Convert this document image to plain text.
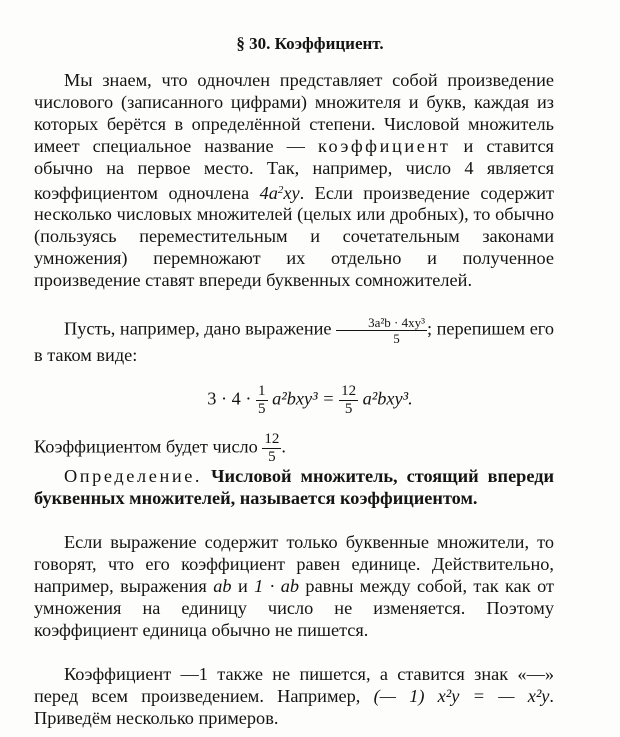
§ 30. Коэффициент.

Мы знаем, что одночлен представляет собой произведение числового (записанного цифрами) множителя и букв, каждая из которых берётся в определённой степени. Числовой множитель имеет специальное название — коэффициент и ставится обычно на первое место. Так, например, число 4 является коэффициентом одночлена $4a^2xy$. Если произведение содержит несколько числовых множителей (целых или дробных), то обычно (пользуясь переместительным и сочетательным законами умножения) перемножают их отдельно и полученное произведение ставят впереди буквенных сомножителей.

Пусть, например, дано выражение $\frac{\text{3a²b · 4xy³}}{5}$ ; перепишем его в таком виде:

$3 \cdot 4 \cdot \frac{1}{5} a^2bxy^3 = \frac{12}{5} a^2bxy^3$.

Коэффициентом будет число $\frac{12}{5}$ .

Определение. Числовой множитель, стоящий впереди буквенных множителей, называется коэффициентом.

Если выражение содержит только буквенные множители, то говорят, что его коэффициент равен единице. Действительно, например, выражения ab и 1 · ab равны между собой, так как от умножения на единицу число не изменяется. Поэтому коэффициент единица обычно не пишется.

Коэффициент —1 также не пишется, а ставится знак «—» перед всем произведением. Например, (— 1) x²y = — x²y. Приведём несколько примеров.
